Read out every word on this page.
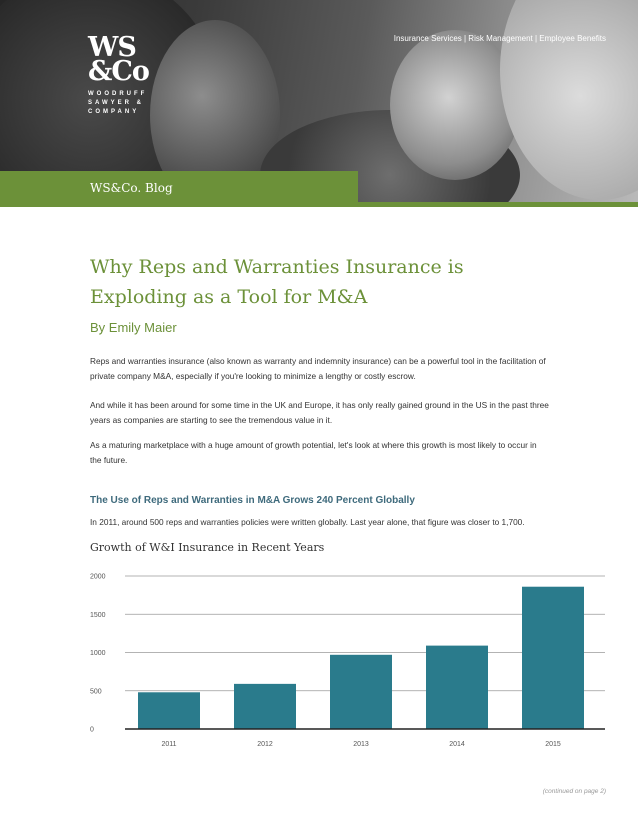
WS
&Co
WOODRUFF
SAWYER &
COMPANY
Insurance Services | Risk Management | Employee Benefits
WS&Co. Blog
Why Reps and Warranties Insurance is
Exploding as a Tool for M&A
By Emily Maier

Reps and warranties insurance (also known as warranty and indemnity insurance) can be a powerful tool in the facilitation of
private company M&A, especially if you're looking to minimize a lengthy or costly escrow.

And while it has been around for some time in the UK and Europe, it has only really gained ground in the US in the past three
years as companies are starting to see the tremendous value in it.

As a maturing marketplace with a huge amount of growth potential, let's look at where this growth is most likely to occur in
the future.

The Use of Reps and Warranties in M&A Grows 240 Percent Globally

In 2011, around 500 reps and warranties policies were written globally. Last year alone, that figure was closer to 1,700.

Growth of W&I Insurance in Recent Years
0
500
1000
1500
2000
2011	2012	2013	2014	2015
(continued on page 2)
